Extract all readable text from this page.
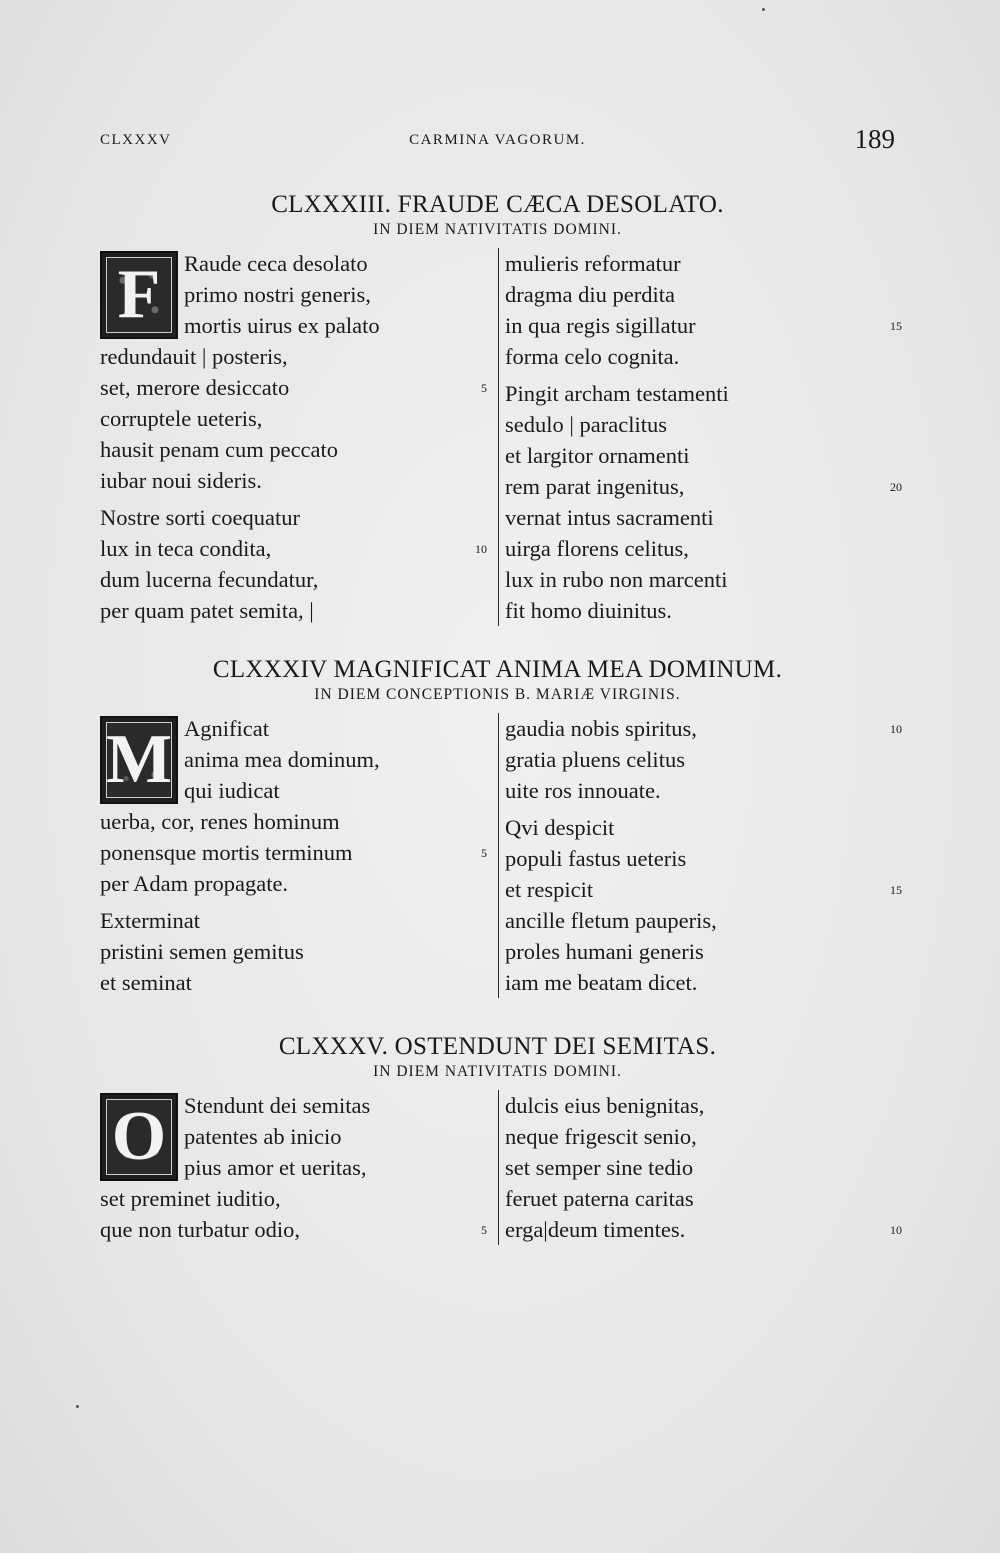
CLXXXV	CARMINA VAGORUM.	189
CLXXXIII. FRAUDE CÆCA DESOLATO.
IN DIEM NATIVITATIS DOMINI.
F	Raude ceca desolato
primo nostri generis,
mortis uirus ex palato
redundauit | posteris,
set, merore desiccato	5
corruptele ueteris,
hausit penam cum peccato
iubar noui sideris.
Nostre sorti coequatur
lux in teca condita,	10
dum lucerna fecundatur,
per quam patet semita, |
mulieris reformatur
dragma diu perdita
in qua regis sigillatur	15
forma celo cognita.
Pingit archam testamenti
sedulo | paraclitus
et largitor ornamenti
rem parat ingenitus,	20
vernat intus sacramenti
uirga florens celitus,
lux in rubo non marcenti
fit homo diuinitus.
CLXXXIV MAGNIFICAT ANIMA MEA DOMINUM.
IN DIEM CONCEPTIONIS B. MARIÆ VIRGINIS.
M Agnificat
anima mea dominum,
qui iudicat
uerba, cor, renes hominum
ponensque mortis terminum	5
per Adam propagate.
Exterminat
pristini semen gemitus
et seminat
gaudia nobis spiritus,	10
gratia pluens celitus
uite ros innouate.
Qvi despicit
populi fastus ueteris
et respicit	15
ancille fletum pauperis,
proles humani generis
iam me beatam dicet.
CLXXXV. OSTENDUNT DEI SEMITAS.
IN DIEM NATIVITATIS DOMINI.
O Stendunt dei semitas
patentes ab inicio
pius amor et ueritas,
set preminet iuditio,
que non turbatur odio,	5
dulcis eius benignitas,
neque frigescit senio,
set semper sine tedio
feruet paterna caritas
erga|deum timentes.	10
